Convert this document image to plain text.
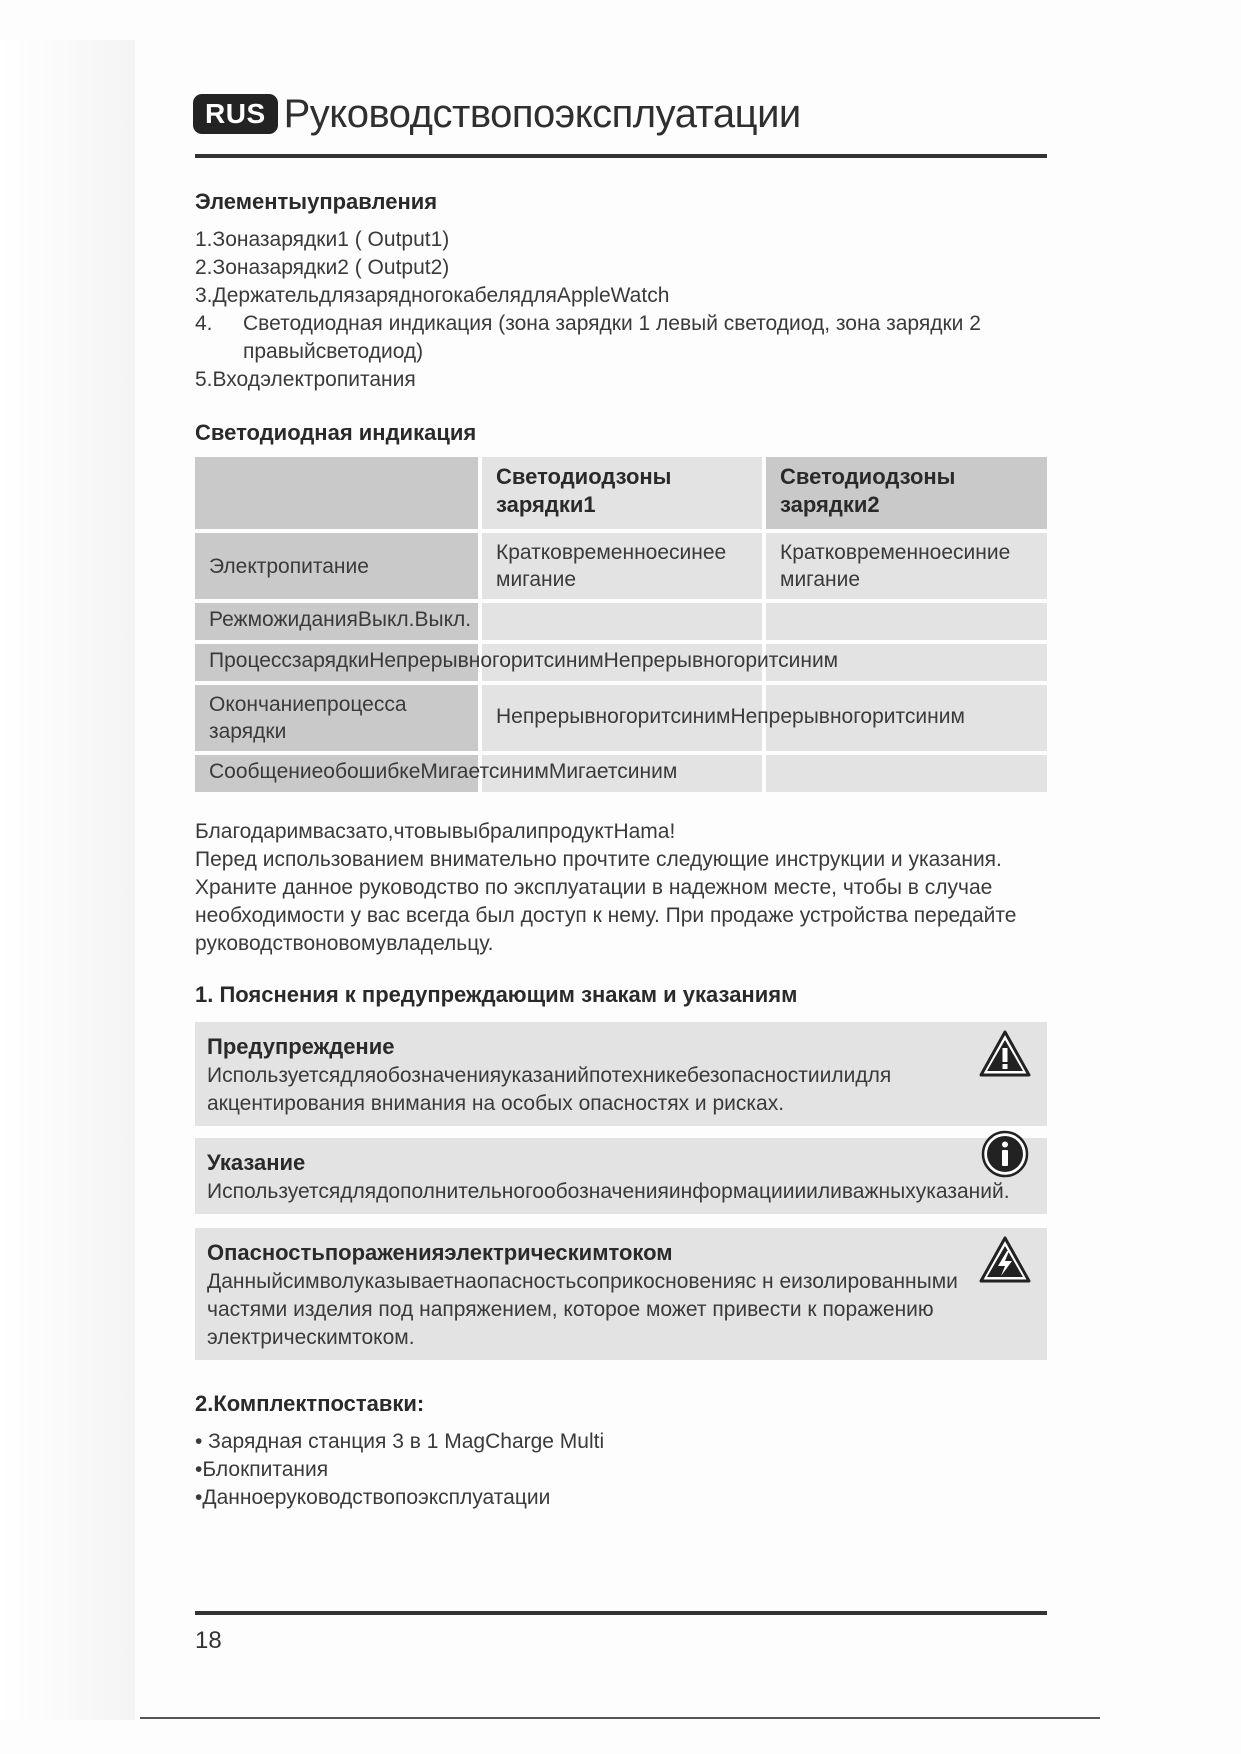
RUS Руководствопоэксплуатации
Элементыуправления
1.Зоназарядки1 ( Output1)
2.Зоназарядки2 ( Output2)
3.ДержательдлязарядногокабелядляAppleWatch
4. Светодиодная индикация (зона зарядки 1 левый светодиод, зона зарядки 2
правыйсветодиод)
5.Входэлектропитания
Светодиодная индикация
Светодиодзоны зарядки1
Светодиодзоны зарядки2
Электропитание
Кратковременноесинее мигание
Кратковременноесиние мигание
РежможиданияВыкл.Выкл.
ПроцессзарядкиНепрерывногоритсинимНепрерывногоритсиним
Окончаниепроцесса зарядки
НепрерывногоритсинимНепрерывногоритсиним
СообщениеобошибкеМигаетсинимМигаетсиним
Благодаримвасзато,чтовывыбралипродуктHama!
Перед использованием внимательно прочтите следующие инструкции и указания.
Храните данное руководство по эксплуатации в надежном месте, чтобы в случае
необходимости у вас всегда был доступ к нему. При продаже устройства передайте
руководствоновомувладельцу.
1. Пояснения к предупреждающим знакам и указаниям
Предупреждение
Используетсядляобозначенияуказанийпотехникебезопасностиилидля
акцентирования внимания на особых опасностях и рисках.
Указание
Используетсядлядополнительногообозначенияинформацииииливажныхуказаний.
Опасностьпораженияэлектрическимтоком
Данныйсимволуказываетнаопасностьсоприкосновенияс н еизолированными
частями изделия под напряжением, которое может привести к поражению
электрическимтоком.
2.Комплектпоставки:
• Зарядная станция 3 в 1 MagCharge Multi
•Блокпитания
•Данноеруководствопоэксплуатации
18
